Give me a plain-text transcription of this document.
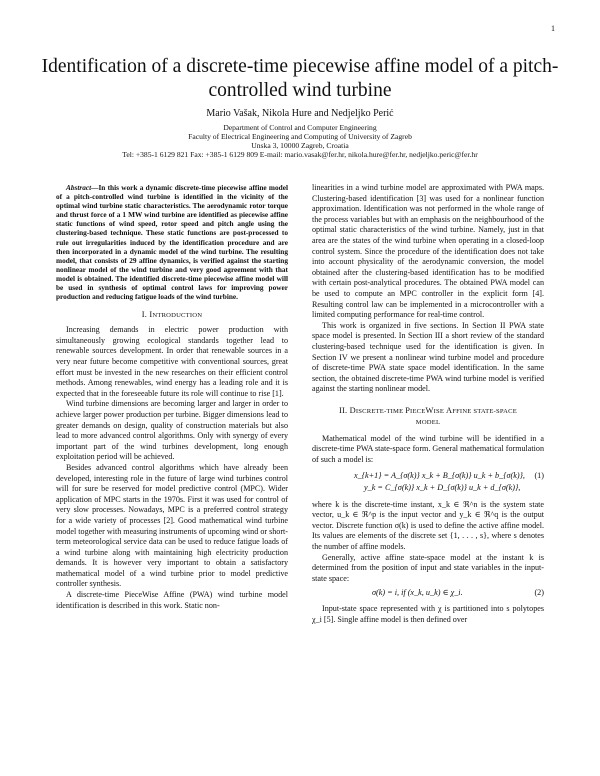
1
Identification of a discrete-time piecewise affine model of a pitch-controlled wind turbine
Mario Vašak, Nikola Hure and Nedjeljko Perić
Department of Control and Computer Engineering
Faculty of Electrical Engineering and Computing of University of Zagreb
Unska 3, 10000 Zagreb, Croatia
Tel: +385-1 6129 821 Fax: +385-1 6129 809 E-mail: mario.vasak@fer.hr, nikola.hure@fer.hr, nedjeljko.peric@fer.hr

Abstract—In this work a dynamic discrete-time piecewise affine model of a pitch-controlled wind turbine is identified in the vicinity of the optimal wind turbine static characteristics. The aerodynamic rotor torque and thrust force of a 1 MW wind turbine are identified as piecewise affine static functions of wind speed, rotor speed and pitch angle using the clustering-based technique. These static functions are post-processed to rule out irregularities induced by the identification procedure and are then incorporated in a dynamic model of the wind turbine. The resulting model, that consists of 29 affine dynamics, is verified against the starting nonlinear model of the wind turbine and very good agreement with that model is obtained. The identified discrete-time piecewise affine model will be used in synthesis of optimal control laws for improving power production and reducing fatigue loads of the wind turbine.

I. INTRODUCTION

Increasing demands in electric power production with simultaneously growing ecological standards together lead to renewable sources development. In order that renewable sources in a very near future become competitive with conventional sources, great effort must be invested in the new researches on their efficient control methods. Among renewables, wind energy has a leading role and it is expected that in the foreseeable future its role will continue to rise [1].

Wind turbine dimensions are becoming larger and larger in order to achieve larger power production per turbine. Bigger dimensions lead to greater demands on design, quality of construction materials but also lead to more advanced control algorithms. Only with synergy of every important part of the wind turbines development, long enough exploitation period will be achieved.

Besides advanced control algorithms which have already been developed, interesting role in the future of large wind turbines control will for sure be reserved for model predictive control (MPC). Wider application of MPC starts in the 1970s. First it was used for control of very slow processes. Nowadays, MPC is a preferred control strategy for a wide variety of processes [2]. Good mathematical wind turbine model together with measuring instruments of upcoming wind or short-term meteorological service data can be used to reduce fatigue loads of a wind turbine along with maintaining high electricity production demands. It is however very important to obtain a satisfactory mathematical model of a wind turbine prior to model predictive controller synthesis.

A discrete-time PieceWise Affine (PWA) wind turbine model identification is described in this work. Static non-

linearities in a wind turbine model are approximated with PWA maps. Clustering-based identification [3] was used for a nonlinear function approximation. Identification was not performed in the whole range of the process variables but with an emphasis on the neighbourhood of the optimal static characteristics of the wind turbine. Namely, just in that area are the states of the wind turbine when operating in a closed-loop control system. Since the procedure of the identification does not take into account physicality of the aerodynamic conversion, the model obtained after the clustering-based identification has to be modified with certain post-analytical procedures. The obtained PWA model can be used to compute an MPC controller in the explicit form [4]. Resulting control law can be implemented in a microcontroller with a limited computing performance for real-time control.

This work is organized in five sections. In Section II PWA state space model is presented. In Section III a short review of the standard clustering-based technique used for the identification is given. In Section IV we present a nonlinear wind turbine model and procedure of discrete-time PWA state space model identification. In the same section, the obtained discrete-time PWA wind turbine model is verified against the starting nonlinear model.

II. DISCRETE-TIME PIECEWISE AFFINE STATE-SPACE
MODEL

Mathematical model of the wind turbine will be identified in a discrete-time PWA state-space form. General mathematical formulation of such a model is:

x_{k+1} = A_{σ(k)} x_k + B_{σ(k)} u_k + b_{σ(k)},
y_k = C_{σ(k)} x_k + D_{σ(k)} u_k + d_{σ(k)},
(1)

where k is the discrete-time instant, x_k ∈ ℜ^n is the system state vector, u_k ∈ ℜ^p is the input vector and y_k ∈ ℜ^q is the output vector. Discrete function σ(k) is used to define the active affine model. Its values are elements of the discrete set {1, . . . , s}, where s denotes the number of affine models.

Generally, active affine state-space model at the instant k is determined from the position of input and state variables in the input-state space:

σ(k) = i, if (x_k, u_k) ∈ χ_i.	(2)

Input-state space represented with χ is partitioned into s polytopes χ_i [5]. Single affine model is then defined over
